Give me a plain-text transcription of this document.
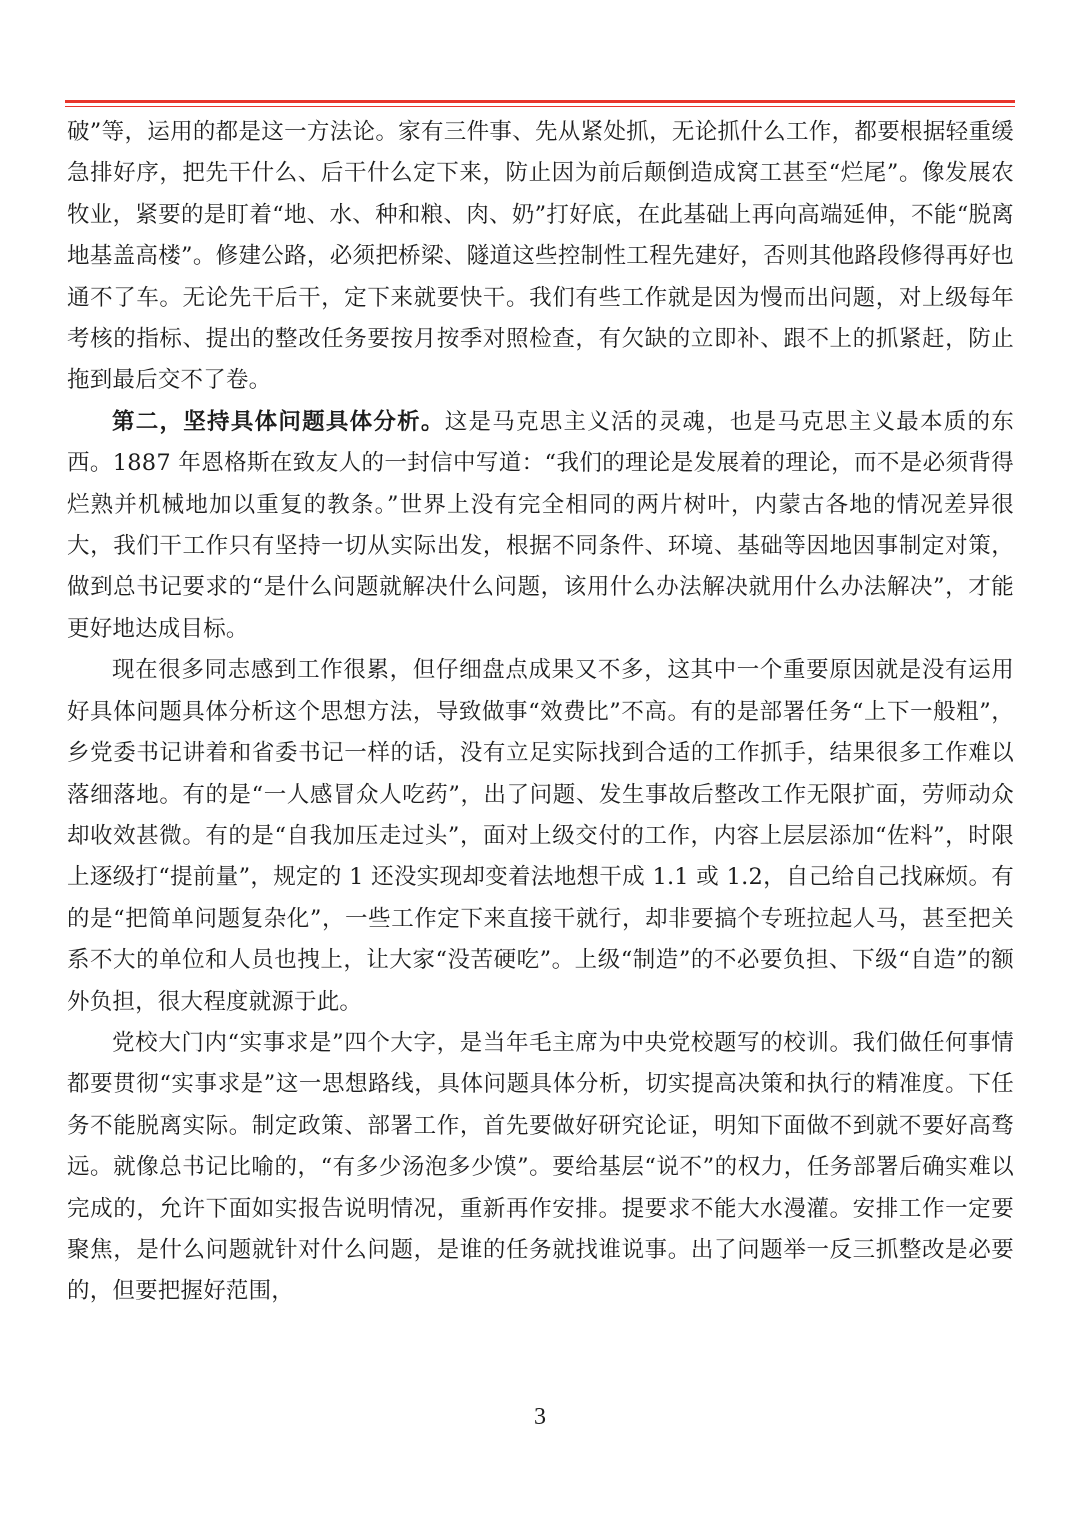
破”等，运用的都是这一方法论。家有三件事、先从紧处抓，无论抓什么工作，都要根据轻重缓急排好序，把先干什么、后干什么定下来，防止因为前后颠倒造成窝工甚至“烂尾”。像发展农牧业，紧要的是盯着“地、水、种和粮、肉、奶”打好底，在此基础上再向高端延伸，不能“脱离地基盖高楼”。修建公路，必须把桥梁、隧道这些控制性工程先建好，否则其他路段修得再好也通不了车。无论先干后干，定下来就要快干。我们有些工作就是因为慢而出问题，对上级每年考核的指标、提出的整改任务要按月按季对照检查，有欠缺的立即补、跟不上的抓紧赶，防止拖到最后交不了卷。

第二，坚持具体问题具体分析。这是马克思主义活的灵魂，也是马克思主义最本质的东西。1887 年恩格斯在致友人的一封信中写道：“我们的理论是发展着的理论，而不是必须背得烂熟并机械地加以重复的教条。”世界上没有完全相同的两片树叶，内蒙古各地的情况差异很大，我们干工作只有坚持一切从实际出发，根据不同条件、环境、基础等因地因事制定对策，做到总书记要求的“是什么问题就解决什么问题，该用什么办法解决就用什么办法解决”，才能更好地达成目标。

现在很多同志感到工作很累，但仔细盘点成果又不多，这其中一个重要原因就是没有运用好具体问题具体分析这个思想方法，导致做事“效费比”不高。有的是部署任务“上下一般粗”，乡党委书记讲着和省委书记一样的话，没有立足实际找到合适的工作抓手，结果很多工作难以落细落地。有的是“一人感冒众人吃药”，出了问题、发生事故后整改工作无限扩面，劳师动众却收效甚微。有的是“自我加压走过头”，面对上级交付的工作，内容上层层添加“佐料”，时限上逐级打“提前量”，规定的 1 还没实现却变着法地想干成 1.1 或 1.2，自己给自己找麻烦。有的是“把简单问题复杂化”，一些工作定下来直接干就行，却非要搞个专班拉起人马，甚至把关系不大的单位和人员也拽上，让大家“没苦硬吃”。上级“制造”的不必要负担、下级“自造”的额外负担，很大程度就源于此。

党校大门内“实事求是”四个大字，是当年毛主席为中央党校题写的校训。我们做任何事情都要贯彻“实事求是”这一思想路线，具体问题具体分析，切实提高决策和执行的精准度。下任务不能脱离实际。制定政策、部署工作，首先要做好研究论证，明知下面做不到就不要好高骛远。就像总书记比喻的，“有多少汤泡多少馍”。要给基层“说不”的权力，任务部署后确实难以完成的，允许下面如实报告说明情况，重新再作安排。提要求不能大水漫灌。安排工作一定要聚焦，是什么问题就针对什么问题，是谁的任务就找谁说事。出了问题举一反三抓整改是必要的，但要把握好范围，

3
